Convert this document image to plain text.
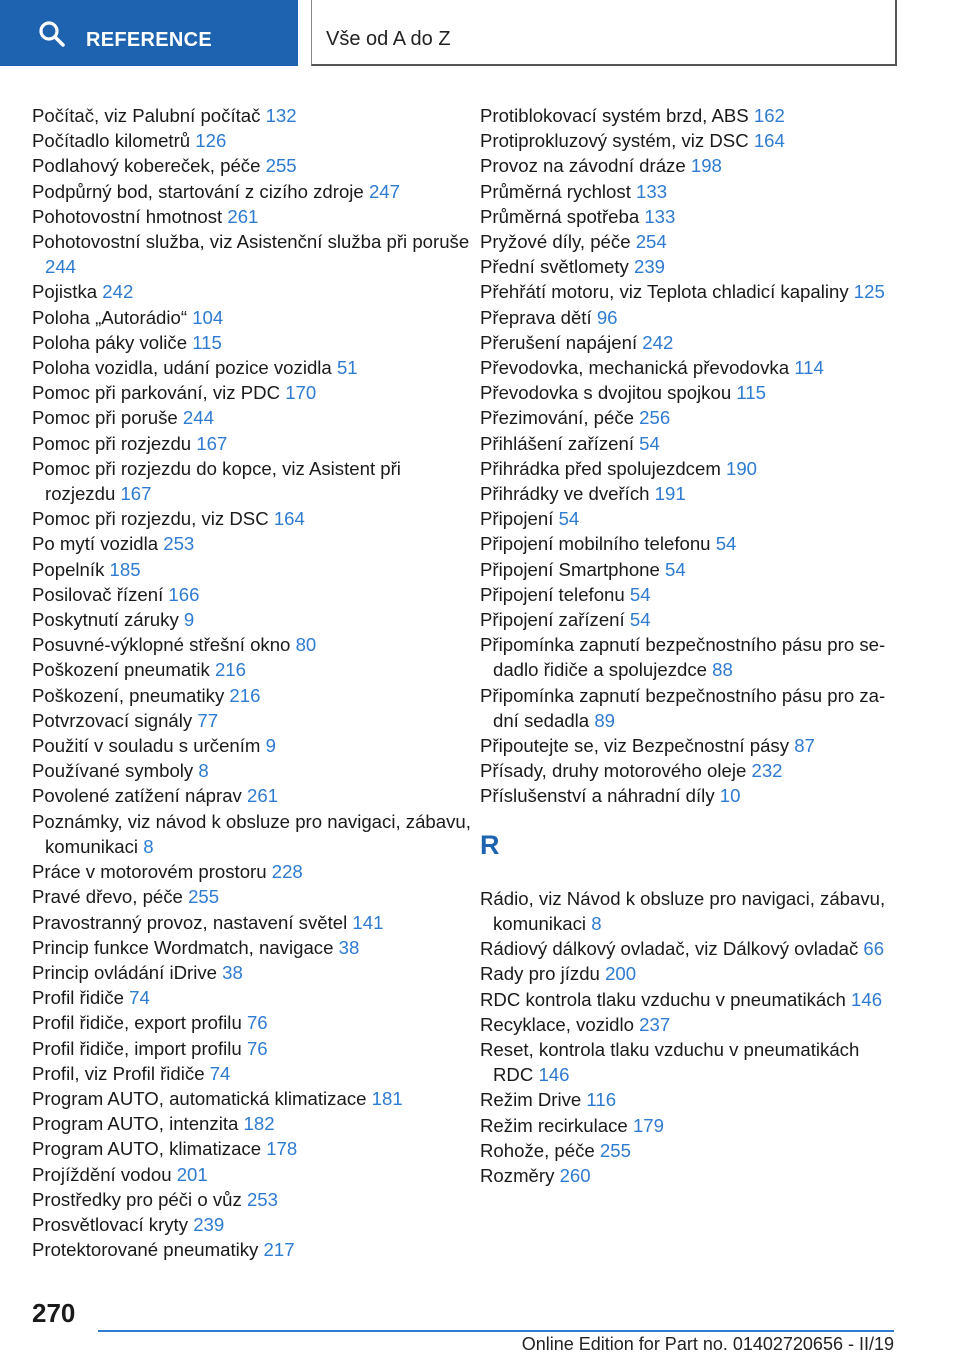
REFERENCE	Vše od A do Z
Počítač, viz Palubní počítač 132
Počítadlo kilometrů 126
Podlahový kobereček, péče 255
Podpůrný bod, startování z cizího zdroje 247
Pohotovostní hmotnost 261
Pohotovostní služba, viz Asistenční služba při poruše 244
Pojistka 242
Poloha „Autorádio“ 104
Poloha páky voliče 115
Poloha vozidla, udání pozice vozidla 51
Pomoc při parkování, viz PDC 170
Pomoc při poruše 244
Pomoc při rozjezdu 167
Pomoc při rozjezdu do kopce, viz Asistent při rozjezdu 167
Pomoc při rozjezdu, viz DSC 164
Po mytí vozidla 253
Popelník 185
Posilovač řízení 166
Poskytnutí záruky 9
Posuvné-výklopné střešní okno 80
Poškození pneumatik 216
Poškození, pneumatiky 216
Potvrzovací signály 77
Použití v souladu s určením 9
Používané symboly 8
Povolené zatížení náprav 261
Poznámky, viz návod k obsluze pro navigaci, zábavu, komunikaci 8
Práce v motorovém prostoru 228
Pravé dřevo, péče 255
Pravostranný provoz, nastavení světel 141
Princip funkce Wordmatch, navigace 38
Princip ovládání iDrive 38
Profil řidiče 74
Profil řidiče, export profilu 76
Profil řidiče, import profilu 76
Profil, viz Profil řidiče 74
Program AUTO, automatická klimatizace 181
Program AUTO, intenzita 182
Program AUTO, klimatizace 178
Projíždění vodou 201
Prostředky pro péči o vůz 253
Prosvětlovací kryty 239
Protektorované pneumatiky 217
Protiblokovací systém brzd, ABS 162
Protiprokluzový systém, viz DSC 164
Provoz na závodní dráze 198
Průměrná rychlost 133
Průměrná spotřeba 133
Pryžové díly, péče 254
Přední světlomety 239
Přehřátí motoru, viz Teplota chladicí kapaliny 125
Přeprava dětí 96
Přerušení napájení 242
Převodovka, mechanická převodovka 114
Převodovka s dvojitou spojkou 115
Přezimování, péče 256
Přihlášení zařízení 54
Přihrádka před spolujezdcem 190
Přihrádky ve dveřích 191
Připojení 54
Připojení mobilního telefonu 54
Připojení Smartphone 54
Připojení telefonu 54
Připojení zařízení 54
Připomínka zapnutí bezpečnostního pásu pro sedadlo řidiče a spolujezdce 88
Připomínka zapnutí bezpečnostního pásu pro zadní sedadla 89
Připoutejte se, viz Bezpečnostní pásy 87
Přísady, druhy motorového oleje 232
Příslušenství a náhradní díly 10
R
Rádio, viz Návod k obsluze pro navigaci, zábavu, komunikaci 8
Rádiový dálkový ovladač, viz Dálkový ovladač 66
Rady pro jízdu 200
RDC kontrola tlaku vzduchu v pneumatikách 146
Recyklace, vozidlo 237
Reset, kontrola tlaku vzduchu v pneumatikách RDC 146
Režim Drive 116
Režim recirkulace 179
Rohože, péče 255
Rozměry 260
270
Online Edition for Part no. 01402720656 - II/19
